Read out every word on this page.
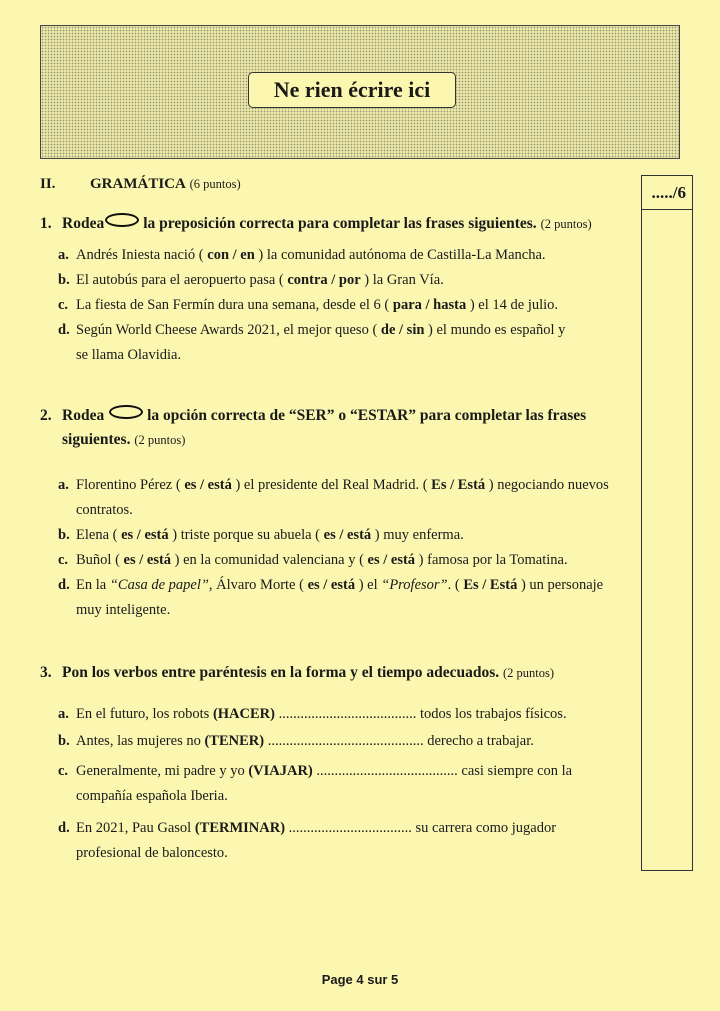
Ne rien écrire ici
...../6
II. GRAMÁTICA (6 puntos)
1. Rodea	la preposición correcta para completar las frases siguientes. (2 puntos)
a. Andrés Iniesta nació ( con / en ) la comunidad autónoma de Castilla-La Mancha.
b. El autobús para el aeropuerto pasa ( contra / por ) la Gran Vía.
c. La fiesta de San Fermín dura una semana, desde el 6 ( para / hasta ) el 14 de julio.
d. Según World Cheese Awards 2021, el mejor queso ( de / sin ) el mundo es español y
se llama Olavidia.
2. Rodea	la opción correcta de “SER” o “ESTAR” para completar las frases
siguientes. (2 puntos)
a. Florentino Pérez ( es / está ) el presidente del Real Madrid. ( Es / Está ) negociando nuevos
contratos.
b. Elena ( es / está ) triste porque su abuela ( es / está ) muy enferma.
c. Buñol ( es / está ) en la comunidad valenciana y ( es / está ) famosa por la Tomatina.
d. En la “Casa de papel”, Álvaro Morte ( es / está ) el “Profesor”. ( Es / Está ) un personaje
muy inteligente.
3. Pon los verbos entre paréntesis en la forma y el tiempo adecuados. (2 puntos)
a. En el futuro, los robots (HACER) ...................................... todos los trabajos físicos.
b. Antes, las mujeres no (TENER) ........................................... derecho a trabajar.
c. Generalmente, mi padre y yo (VIAJAR) ....................................... casi siempre con la
compañía española Iberia.
d. En 2021, Pau Gasol (TERMINAR) .................................. su carrera como jugador
profesional de baloncesto.
Page 4 sur 5
